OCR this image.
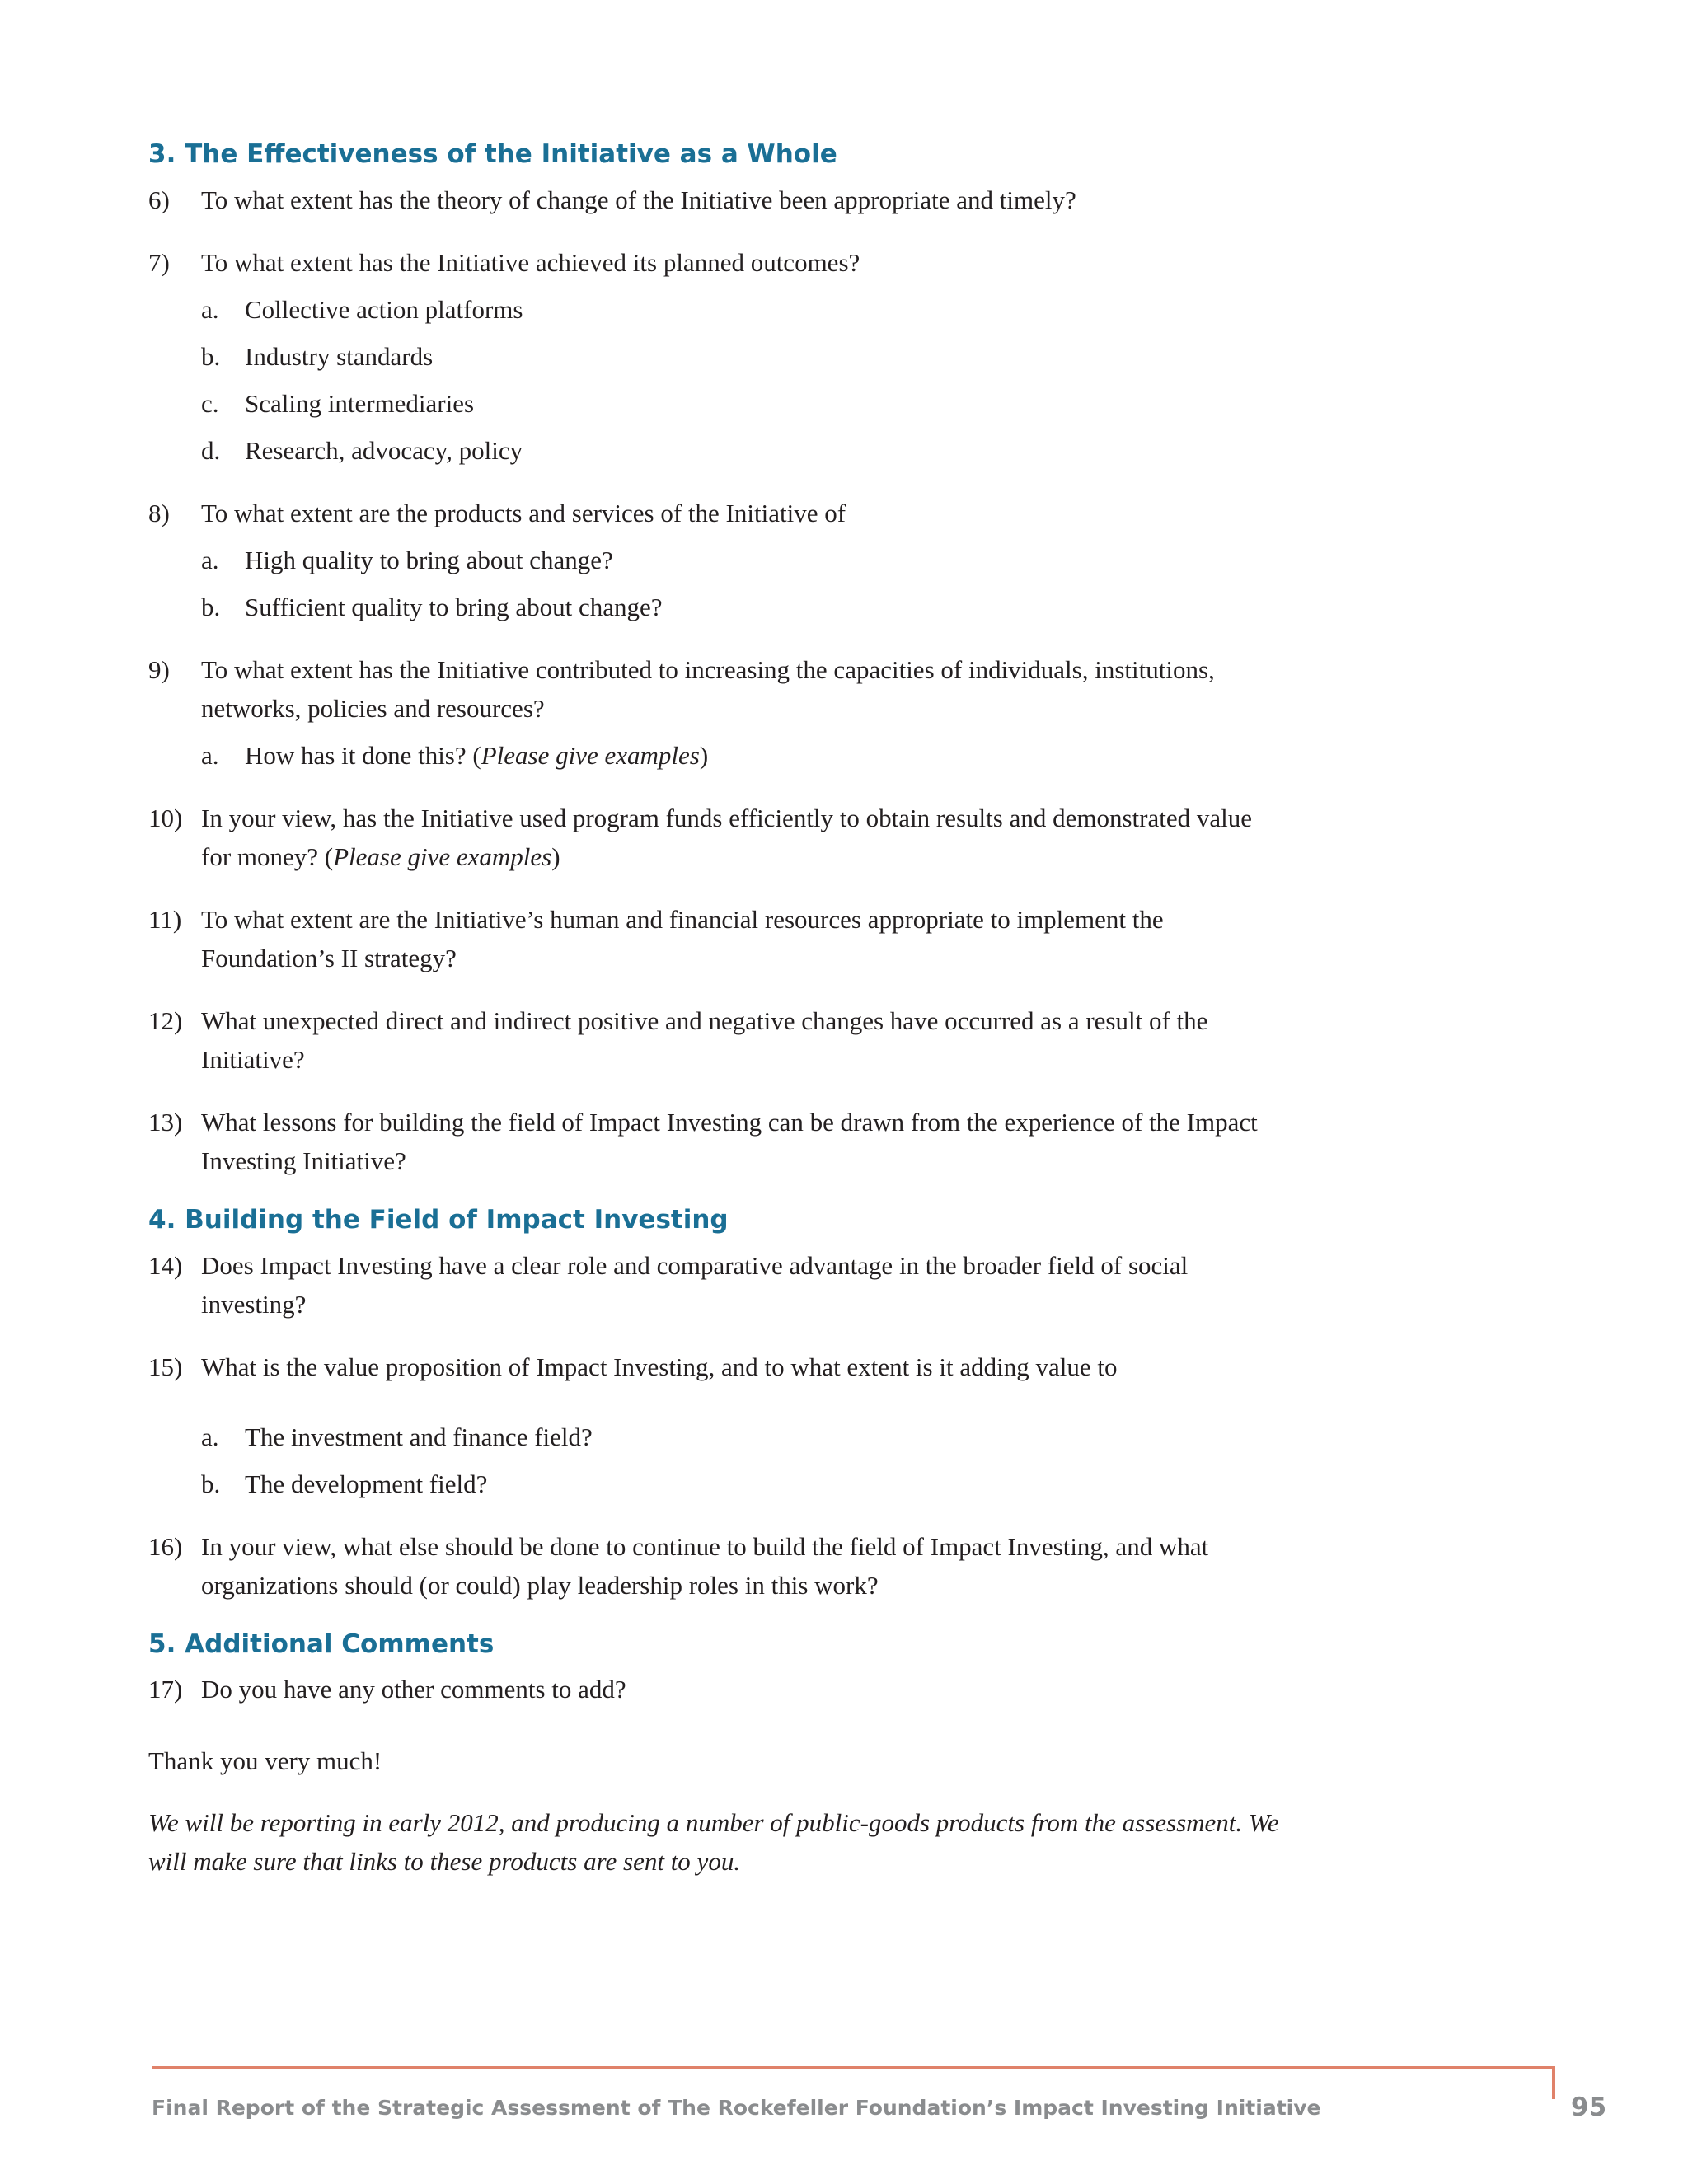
3. The Effectiveness of the Initiative as a Whole
6)	To what extent has the theory of change of the Initiative been appropriate and timely?
7)	To what extent has the Initiative achieved its planned outcomes?
a.	Collective action platforms
b. Industry standards
c.	Scaling intermediaries
d. Research, advocacy, policy
8)	To what extent are the products and services of the Initiative of
a.	High quality to bring about change?
b. Sufficient quality to bring about change?
9)	To what extent has the Initiative contributed to increasing the capacities of individuals, institutions, networks, policies and resources?
a.	How has it done this? (Please give examples)
10) In your view, has the Initiative used program funds efficiently to obtain results and demonstrated value for money? (Please give examples)
11) To what extent are the Initiative’s human and financial resources appropriate to implement the Foundation’s II strategy?
12) What unexpected direct and indirect positive and negative changes have occurred as a result of the Initiative?
13) What lessons for building the field of Impact Investing can be drawn from the experience of the Impact Investing Initiative?
4. Building the Field of Impact Investing
14) Does Impact Investing have a clear role and comparative advantage in the broader field of social investing?
15) What is the value proposition of Impact Investing, and to what extent is it adding value to
a.	The investment and finance field?
b. The development field?
16) In your view, what else should be done to continue to build the field of Impact Investing, and what organizations should (or could) play leadership roles in this work?
5. Additional Comments
17) Do you have any other comments to add?
Thank you very much!
We will be reporting in early 2012, and producing a number of public-goods products from the assessment. We will make sure that links to these products are sent to you.
Final Report of the Strategic Assessment of The Rockefeller Foundation’s Impact Investing Initiative	95
